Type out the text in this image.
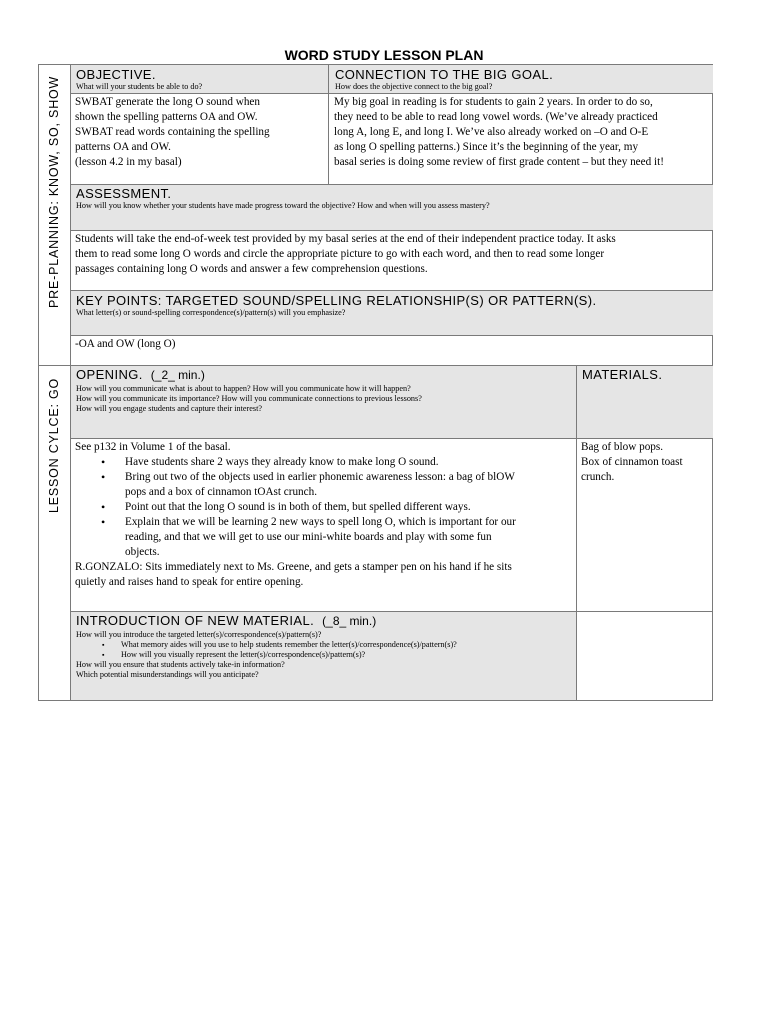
WORD STUDY LESSON PLAN
PRE-PLANNING: KNOW, SO, SHOW
LESSON CYLCE: GO
OBJECTIVE.
What will your students be able to do?
SWBAT generate the long O sound when
shown the spelling patterns OA and OW.
SWBAT read words containing the spelling
patterns OA and OW.
(lesson 4.2 in my basal)
CONNECTION TO THE BIG GOAL.
How does the objective connect to the big goal?
My big goal in reading is for students to gain 2 years. In order to do so,
they need to be able to read long vowel words. (We’ve already practiced
long A, long E, and long I. We’ve also already worked on –O and O-E
as long O spelling patterns.) Since it’s the beginning of the year, my
basal series is doing some review of first grade content – but they need it!
ASSESSMENT.
How will you know whether your students have made progress toward the objective? How and when will you assess mastery?
Students will take the end-of-week test provided by my basal series at the end of their independent practice today. It asks
them to read some long O words and circle the appropriate picture to go with each word, and then to read some longer
passages containing long O words and answer a few comprehension questions.
KEY POINTS: TARGETED SOUND/SPELLING RELATIONSHIP(S) OR PATTERN(S).
What letter(s) or sound-spelling correspondence(s)/pattern(s) will you emphasize?
-OA and OW (long O)
OPENING. (_2_ min.)
How will you communicate what is about to happen? How will you communicate how it will happen?
How will you communicate its importance? How will you communicate connections to previous lessons?
How will you engage students and capture their interest?
See p132 in Volume 1 of the basal.
• Have students share 2 ways they already know to make long O sound.
• Bring out two of the objects used in earlier phonemic awareness lesson: a bag of blOW
pops and a box of cinnamon tOAst crunch.
• Point out that the long O sound is in both of them, but spelled different ways.
• Explain that we will be learning 2 new ways to spell long O, which is important for our
reading, and that we will get to use our mini-white boards and play with some fun
objects.
R.GONZALO: Sits immediately next to Ms. Greene, and gets a stamper pen on his hand if he sits
quietly and raises hand to speak for entire opening.
MATERIALS.
Bag of blow pops.
Box of cinnamon toast
crunch.
INTRODUCTION OF NEW MATERIAL. (_8_ min.)
How will you introduce the targeted letter(s)/correspondence(s)/pattern(s)?
▪ What memory aides will you use to help students remember the letter(s)/correspondence(s)/pattern(s)?
▪ How will you visually represent the letter(s)/correspondence(s)/pattern(s)?
How will you ensure that students actively take-in information?
Which potential misunderstandings will you anticipate?
